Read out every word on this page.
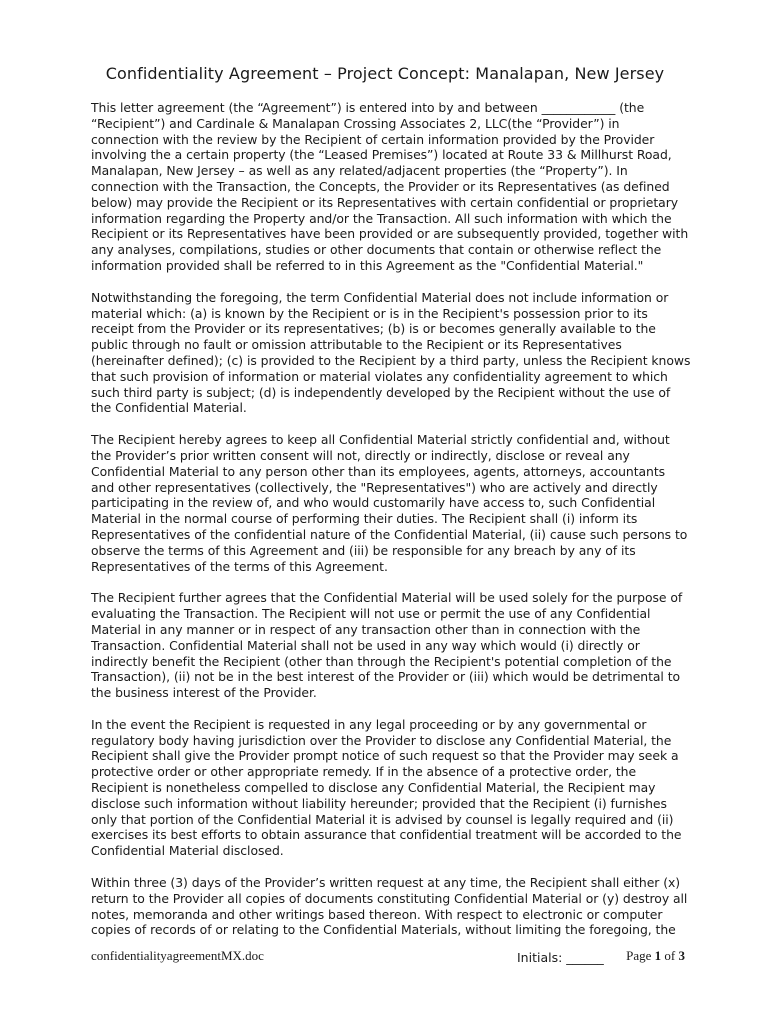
Confidentiality Agreement – Project Concept: Manalapan, New Jersey

This letter agreement (the “Agreement”) is entered into by and between ____________ (the “Recipient”) and Cardinale & Manalapan Crossing Associates 2, LLC(the “Provider”) in connection with the review by the Recipient of certain information provided by the Provider involving the a certain property (the “Leased Premises”) located at Route 33 & Millhurst Road, Manalapan, New Jersey – as well as any related/adjacent properties (the “Property”). In connection with the Transaction, the Concepts, the Provider or its Representatives (as defined below) may provide the Recipient or its Representatives with certain confidential or proprietary information regarding the Property and/or the Transaction. All such information with which the Recipient or its Representatives have been provided or are subsequently provided, together with any analyses, compilations, studies or other documents that contain or otherwise reflect the information provided shall be referred to in this Agreement as the "Confidential Material."

Notwithstanding the foregoing, the term Confidential Material does not include information or material which: (a) is known by the Recipient or is in the Recipient's possession prior to its receipt from the Provider or its representatives; (b) is or becomes generally available to the public through no fault or omission attributable to the Recipient or its Representatives (hereinafter defined); (c) is provided to the Recipient by a third party, unless the Recipient knows that such provision of information or material violates any confidentiality agreement to which such third party is subject; (d) is independently developed by the Recipient without the use of the Confidential Material.

The Recipient hereby agrees to keep all Confidential Material strictly confidential and, without the Provider’s prior written consent will not, directly or indirectly, disclose or reveal any Confidential Material to any person other than its employees, agents, attorneys, accountants and other representatives (collectively, the "Representatives") who are actively and directly participating in the review of, and who would customarily have access to, such Confidential Material in the normal course of performing their duties. The Recipient shall (i) inform its Representatives of the confidential nature of the Confidential Material, (ii) cause such persons to observe the terms of this Agreement and (iii) be responsible for any breach by any of its Representatives of the terms of this Agreement.

The Recipient further agrees that the Confidential Material will be used solely for the purpose of evaluating the Transaction. The Recipient will not use or permit the use of any Confidential Material in any manner or in respect of any transaction other than in connection with the Transaction. Confidential Material shall not be used in any way which would (i) directly or indirectly benefit the Recipient (other than through the Recipient's potential completion of the Transaction), (ii) not be in the best interest of the Provider or (iii) which would be detrimental to the business interest of the Provider.

In the event the Recipient is requested in any legal proceeding or by any governmental or regulatory body having jurisdiction over the Provider to disclose any Confidential Material, the Recipient shall give the Provider prompt notice of such request so that the Provider may seek a protective order or other appropriate remedy. If in the absence of a protective order, the Recipient is nonetheless compelled to disclose any Confidential Material, the Recipient may disclose such information without liability hereunder; provided that the Recipient (i) furnishes only that portion of the Confidential Material it is advised by counsel is legally required and (ii) exercises its best efforts to obtain assurance that confidential treatment will be accorded to the Confidential Material disclosed.

Within three (3) days of the Provider’s written request at any time, the Recipient shall either (x) return to the Provider all copies of documents constituting Confidential Material or (y) destroy all notes, memoranda and other writings based thereon. With respect to electronic or computer copies of records of or relating to the Confidential Materials, without limiting the foregoing, the

confidentialityagreementMX.doc	Initials: ______ Page 1 of 3
